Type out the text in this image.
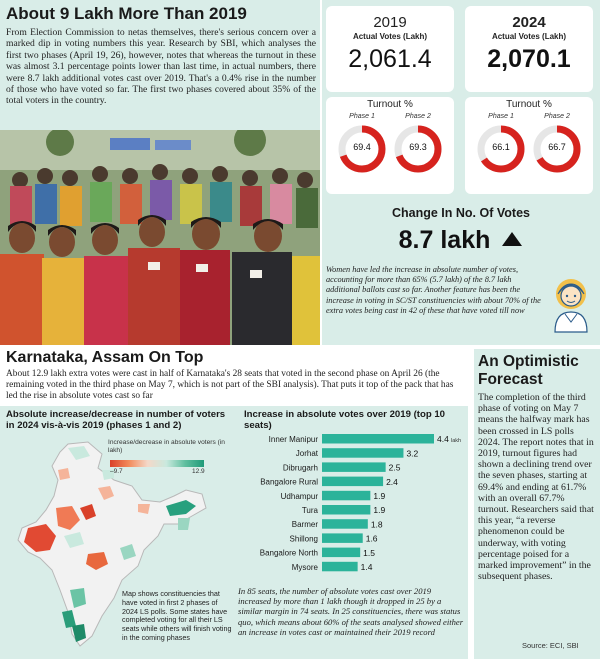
About 9 Lakh More Than 2019
From Election Commission to netas themselves, there's serious concern over a marked dip in voting numbers this year. Research by SBI, which analyses the first two phases (April 19, 26), however, notes that whereas the turnout in these was almost 3.1 percentage points lower than last time, in actual numbers, there were 8.7 lakh additional votes cast over 2019. That's a 0.4% rise in the number of those who have voted so far. The first two phases covered about 35% of the total voters in the country.
2019
Actual Votes (Lakh)
2,061.4
2024
Actual Votes (Lakh)
2,070.1
Turnout %
Phase 1	Phase 2
69.4	69.3
Turnout %
Phase 1	Phase 2
66.1	66.7
Change In No. Of Votes
8.7 lakh
Women have led the increase in absolute number of votes, accounting for more than 65% (5.7 lakh) of the 8.7 lakh additional ballots cast so far. Another feature has been the increase in voting in SC/ST constituencies with about 70% of the extra votes being cast in 42 of these that have voted till now
Karnataka, Assam On Top
About 12.9 lakh extra votes were cast in half of Karnataka's 28 seats that voted in the second phase on April 26 (the remaining voted in the third phase on May 7, which is not part of the SBI analysis). That puts it top of the pack that has led the rise in absolute votes cast so far
Absolute increase/decrease in number of voters in 2024 vis-à-vis 2019 (phases 1 and 2)
Increase/decrease in absolute voters (in lakh)
–9.7	12.9
Map shows constituencies that have voted in first 2 phases of 2024 LS polls. Some states have completed voting for all their LS seats while others will finish voting in the coming phases
Increase in absolute votes over 2019 (top 10 seats)
Inner Manipur	4.4 lakh
Jorhat	3.2
Dibrugarh	2.5
Bangalore Rural	2.4
Udhampur	1.9
Tura	1.9
Barmer	1.8
Shillong	1.6
Bangalore North	1.5
Mysore	1.4
In 85 seats, the number of absolute votes cast over 2019 increased by more than 1 lakh though it dropped in 25 by a similar margin in 74 seats. In 25 constituencies, there was status quo, which means about 60% of the seats analysed showed either an increase in votes cast or maintained their 2019 record
An Optimistic Forecast
The completion of the third phase of voting on May 7 means the halfway mark has been crossed in LS polls 2024. The report notes that in 2019, turnout figures had shown a declining trend over the seven phases, starting at 69.4% and ending at 61.7% with an overall 67.7% turnout. Researchers said that this year, “a reverse phenomenon could be underway, with voting percentage poised for a marked improvement” in the subsequent phases.
Source: ECI, SBI
